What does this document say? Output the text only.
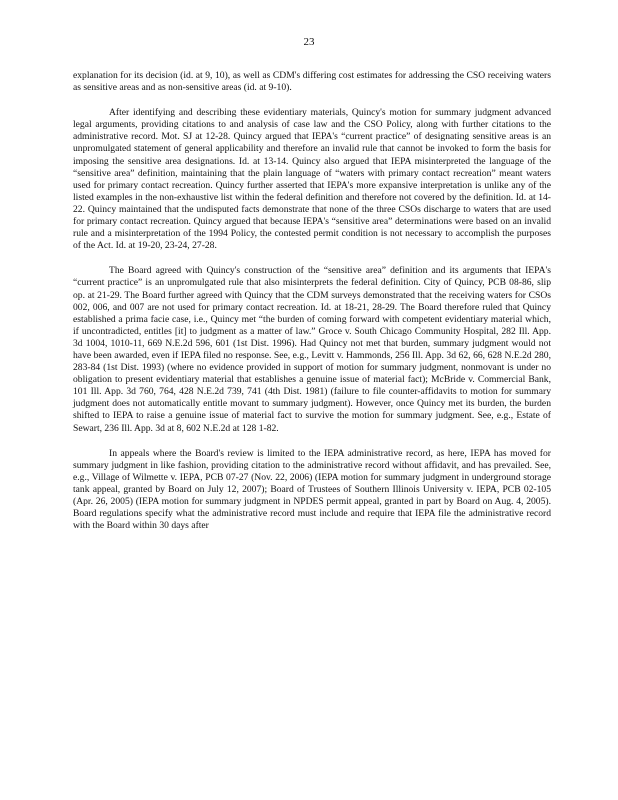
23

explanation for its decision (id. at 9, 10), as well as CDM's differing cost estimates for addressing the CSO receiving waters as sensitive areas and as non-sensitive areas (id. at 9-10).

After identifying and describing these evidentiary materials, Quincy's motion for summary judgment advanced legal arguments, providing citations to and analysis of case law and the CSO Policy, along with further citations to the administrative record. Mot. SJ at 12-28. Quincy argued that IEPA's “current practice” of designating sensitive areas is an unpromulgated statement of general applicability and therefore an invalid rule that cannot be invoked to form the basis for imposing the sensitive area designations. Id. at 13-14. Quincy also argued that IEPA misinterpreted the language of the “sensitive area” definition, maintaining that the plain language of “waters with primary contact recreation” meant waters used for primary contact recreation. Quincy further asserted that IEPA's more expansive interpretation is unlike any of the listed examples in the non-exhaustive list within the federal definition and therefore not covered by the definition. Id. at 14-22. Quincy maintained that the undisputed facts demonstrate that none of the three CSOs discharge to waters that are used for primary contact recreation. Quincy argued that because IEPA's “sensitive area” determinations were based on an invalid rule and a misinterpretation of the 1994 Policy, the contested permit condition is not necessary to accomplish the purposes of the Act. Id. at 19-20, 23-24, 27-28.

The Board agreed with Quincy's construction of the “sensitive area” definition and its arguments that IEPA's “current practice” is an unpromulgated rule that also misinterprets the federal definition. City of Quincy, PCB 08-86, slip op. at 21-29. The Board further agreed with Quincy that the CDM surveys demonstrated that the receiving waters for CSOs 002, 006, and 007 are not used for primary contact recreation. Id. at 18-21, 28-29. The Board therefore ruled that Quincy established a prima facie case, i.e., Quincy met “the burden of coming forward with competent evidentiary material which, if uncontradicted, entitles [it] to judgment as a matter of law.” Groce v. South Chicago Community Hospital, 282 Ill. App. 3d 1004, 1010-11, 669 N.E.2d 596, 601 (1st Dist. 1996). Had Quincy not met that burden, summary judgment would not have been awarded, even if IEPA filed no response. See, e.g., Levitt v. Hammonds, 256 Ill. App. 3d 62, 66, 628 N.E.2d 280, 283-84 (1st Dist. 1993) (where no evidence provided in support of motion for summary judgment, nonmovant is under no obligation to present evidentiary material that establishes a genuine issue of material fact); McBride v. Commercial Bank, 101 Ill. App. 3d 760, 764, 428 N.E.2d 739, 741 (4th Dist. 1981) (failure to file counter-affidavits to motion for summary judgment does not automatically entitle movant to summary judgment). However, once Quincy met its burden, the burden shifted to IEPA to raise a genuine issue of material fact to survive the motion for summary judgment. See, e.g., Estate of Sewart, 236 Ill. App. 3d at 8, 602 N.E.2d at 128 1-82.

In appeals where the Board's review is limited to the IEPA administrative record, as here, IEPA has moved for summary judgment in like fashion, providing citation to the administrative record without affidavit, and has prevailed. See, e.g., Village of Wilmette v. IEPA, PCB 07-27 (Nov. 22, 2006) (IEPA motion for summary judgment in underground storage tank appeal, granted by Board on July 12, 2007); Board of Trustees of Southern Illinois University v. IEPA, PCB 02-105 (Apr. 26, 2005) (IEPA motion for summary judgment in NPDES permit appeal, granted in part by Board on Aug. 4, 2005). Board regulations specify what the administrative record must include and require that IEPA file the administrative record with the Board within 30 days after
